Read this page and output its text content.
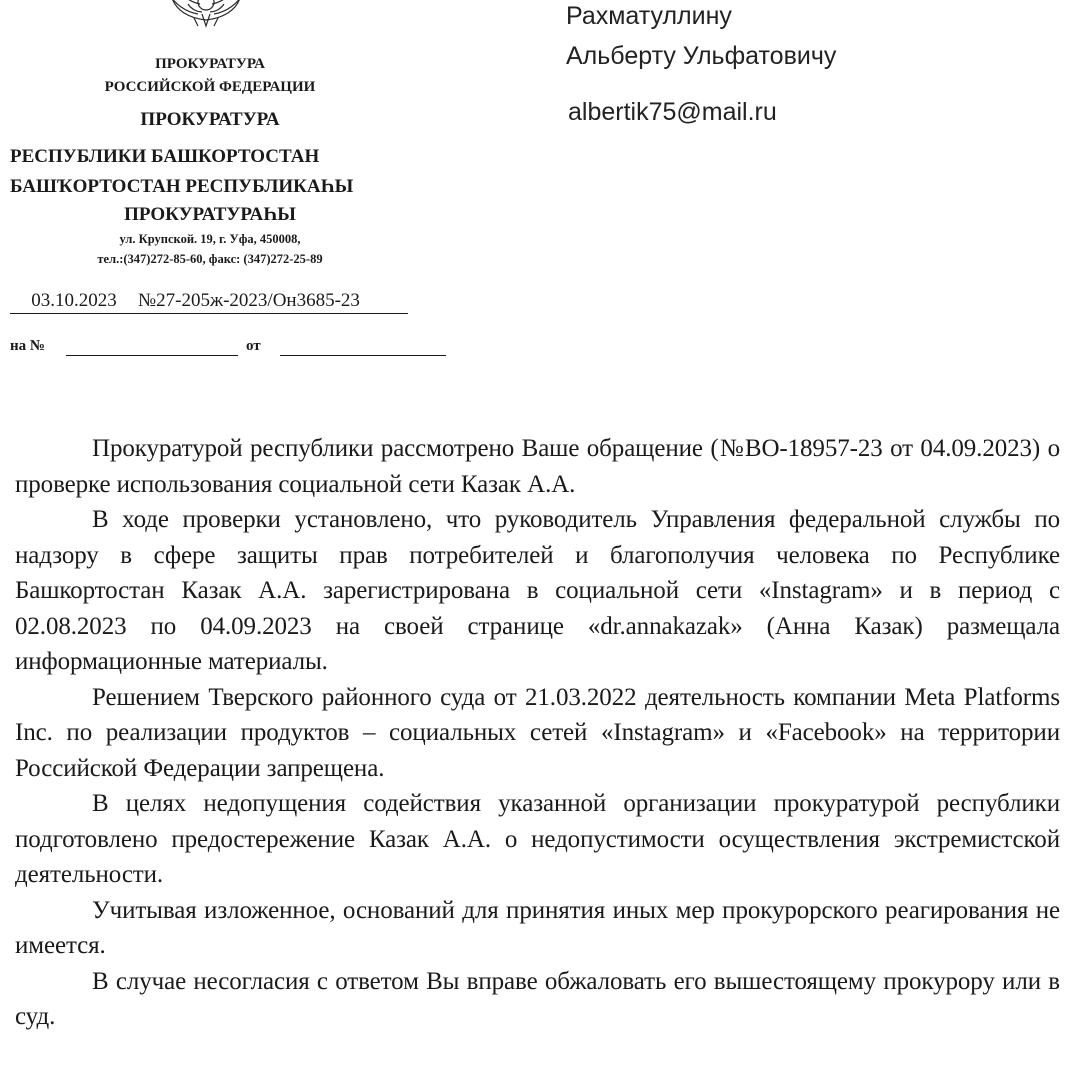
ПРОКУРАТУРА
РОССИЙСКОЙ ФЕДЕРАЦИИ
ПРОКУРАТУРА
РЕСПУБЛИКИ БАШКОРТОСТАН
БАШҠОРТОСТАН РЕСПУБЛИКАҺЫ
ПРОКУРАТУРАҺЫ
ул. Крупской. 19, г. Уфа, 450008,
тел.:(347)272-85-60, факс: (347)272-25-89
03.10.2023	№27-205ж-2023/Он3685-23
на №	от
Рахматуллину
Альберту Ульфатовичу
albertik75@mail.ru

Прокуратурой республики рассмотрено Ваше обращение (№ВО-18957-23 от 04.09.2023) о проверке использования социальной сети Казак А.А.

В ходе проверки установлено, что руководитель Управления федеральной службы по надзору в сфере защиты прав потребителей и благополучия человека по Республике Башкортостан Казак А.А. зарегистрирована в социальной сети «Instagram» и в период с 02.08.2023 по 04.09.2023 на своей странице «dr.annakazak» (Анна Казак) размещала информационные материалы.

Решением Тверского районного суда от 21.03.2022 деятельность компании Meta Platforms Inc. по реализации продуктов – социальных сетей «Instagram» и «Facebook» на территории Российской Федерации запрещена.

В целях недопущения содействия указанной организации прокуратурой республики подготовлено предостережение Казак А.А. о недопустимости осуществления экстремистской деятельности.

Учитывая изложенное, оснований для принятия иных мер прокурорского реагирования не имеется.

В случае несогласия с ответом Вы вправе обжаловать его вышестоящему прокурору или в суд.
